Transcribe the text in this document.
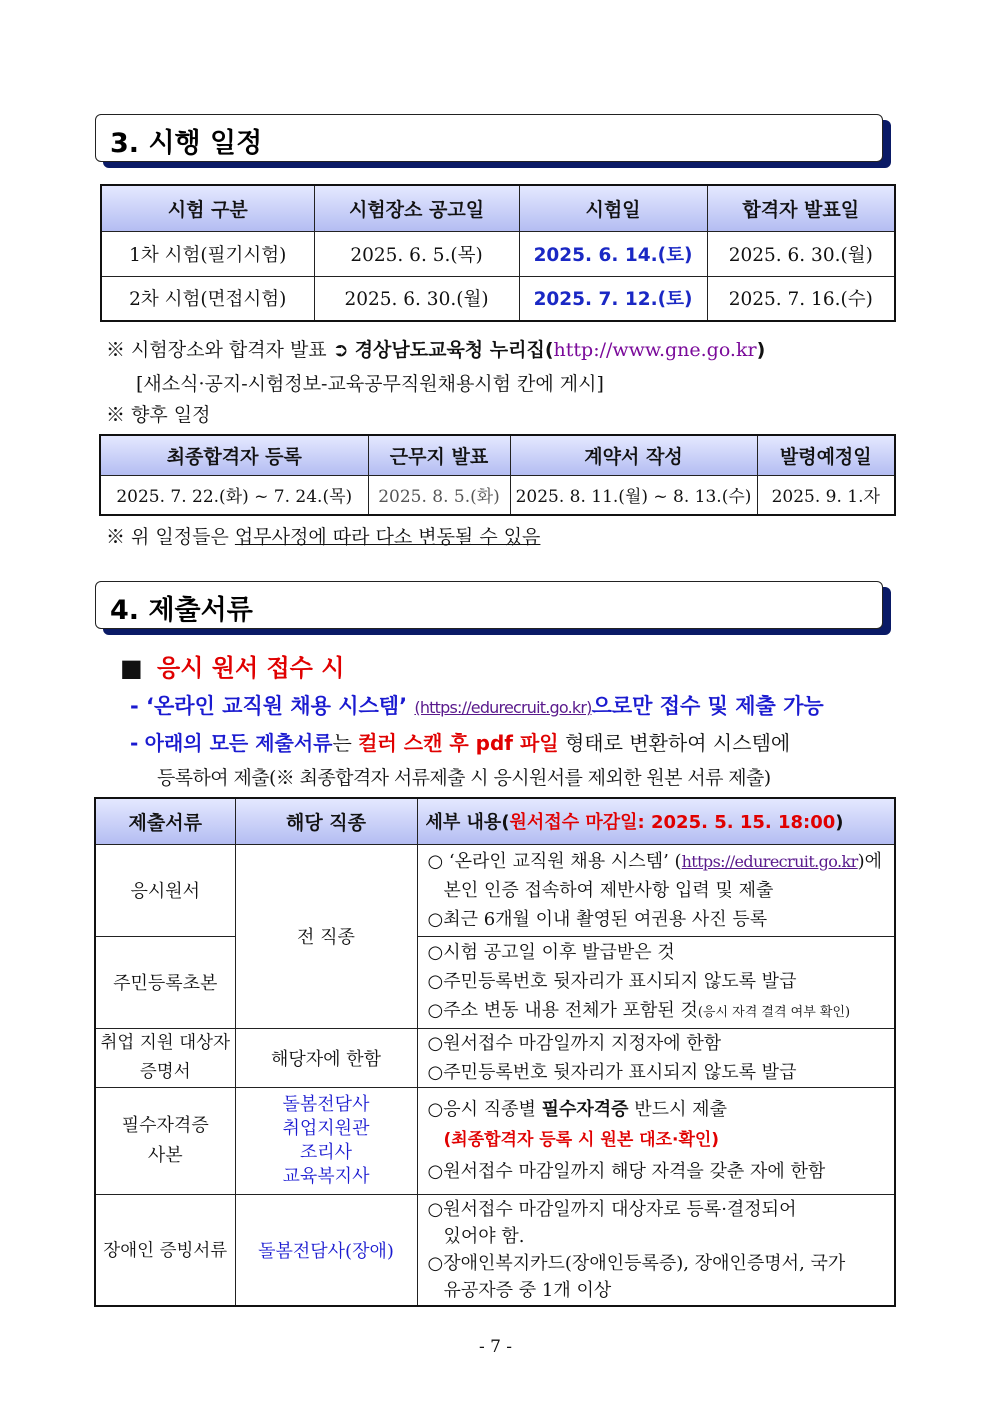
3. 시행 일정
시험 구분	시험장소 공고일	시험일	합격자 발표일
1차 시험(필기시험)	2025. 6. 5.(목)	2025. 6. 14.(토)	2025. 6. 30.(월)
2차 시험(면접시험)	2025. 6. 30.(월)	2025. 7. 12.(토)	2025. 7. 16.(수)
※ 시험장소와 합격자 발표 ➲ 경상남도교육청 누리집(http://www.gne.go.kr)
[새소식·공지-시험정보-교육공무직원채용시험 칸에 게시]
※ 향후 일정
최종합격자 등록	근무지 발표	계약서 작성	발령예정일
2025. 7. 22.(화) ~ 7. 24.(목)	2025. 8. 5.(화)	2025. 8. 11.(월) ~ 8. 13.(수)	2025. 9. 1.자
※ 위 일정들은 업무사정에 따라 다소 변동될 수 있음
4. 제출서류
■ 응시 원서 접수 시
- ‘온라인 교직원 채용 시스템’ (https://edurecruit.go.kr)으로만 접수 및 제출 가능
- 아래의 모든 제출서류는 컬러 스캔 후 pdf 파일 형태로 변환하여 시스템에
등록하여 제출(※ 최종합격자 서류제출 시 응시원서를 제외한 원본 서류 제출)
제출서류	해당 직종	세부 내용(원서접수 마감일: 2025. 5. 15. 18:00)
응시원서	전 직종	○ ‘온라인 교직원 채용 시스템’ (https://edurecruit.go.kr)에
본인 인증 접속하여 제반사항 입력 및 제출
○최근 6개월 이내 촬영된 여권용 사진 등록

주민등록초본		○시험 공고일 이후 발급받은 것
○주민등록번호 뒷자리가 표시되지 않도록 발급
○주소 변동 내용 전체가 포함된 것(응시 자격 결격 여부 확인)

취업 지원 대상자
증명서	해당자에 한함	○원서접수 마감일까지 지정자에 한함
○주민등록번호 뒷자리가 표시되지 않도록 발급

필수자격증
사본	돌봄전담사
취업지원관
조리사
교육복지사	○응시 직종별 필수자격증 반드시 제출
(최종합격자 등록 시 원본 대조·확인)
○원서접수 마감일까지 해당 자격을 갖춘 자에 한함

장애인 증빙서류	돌봄전담사(장애)	○원서접수 마감일까지 대상자로 등록·결정되어
있어야 함.
○장애인복지카드(장애인등록증), 장애인증명서, 국가
유공자증 중 1개 이상
- 7 -
